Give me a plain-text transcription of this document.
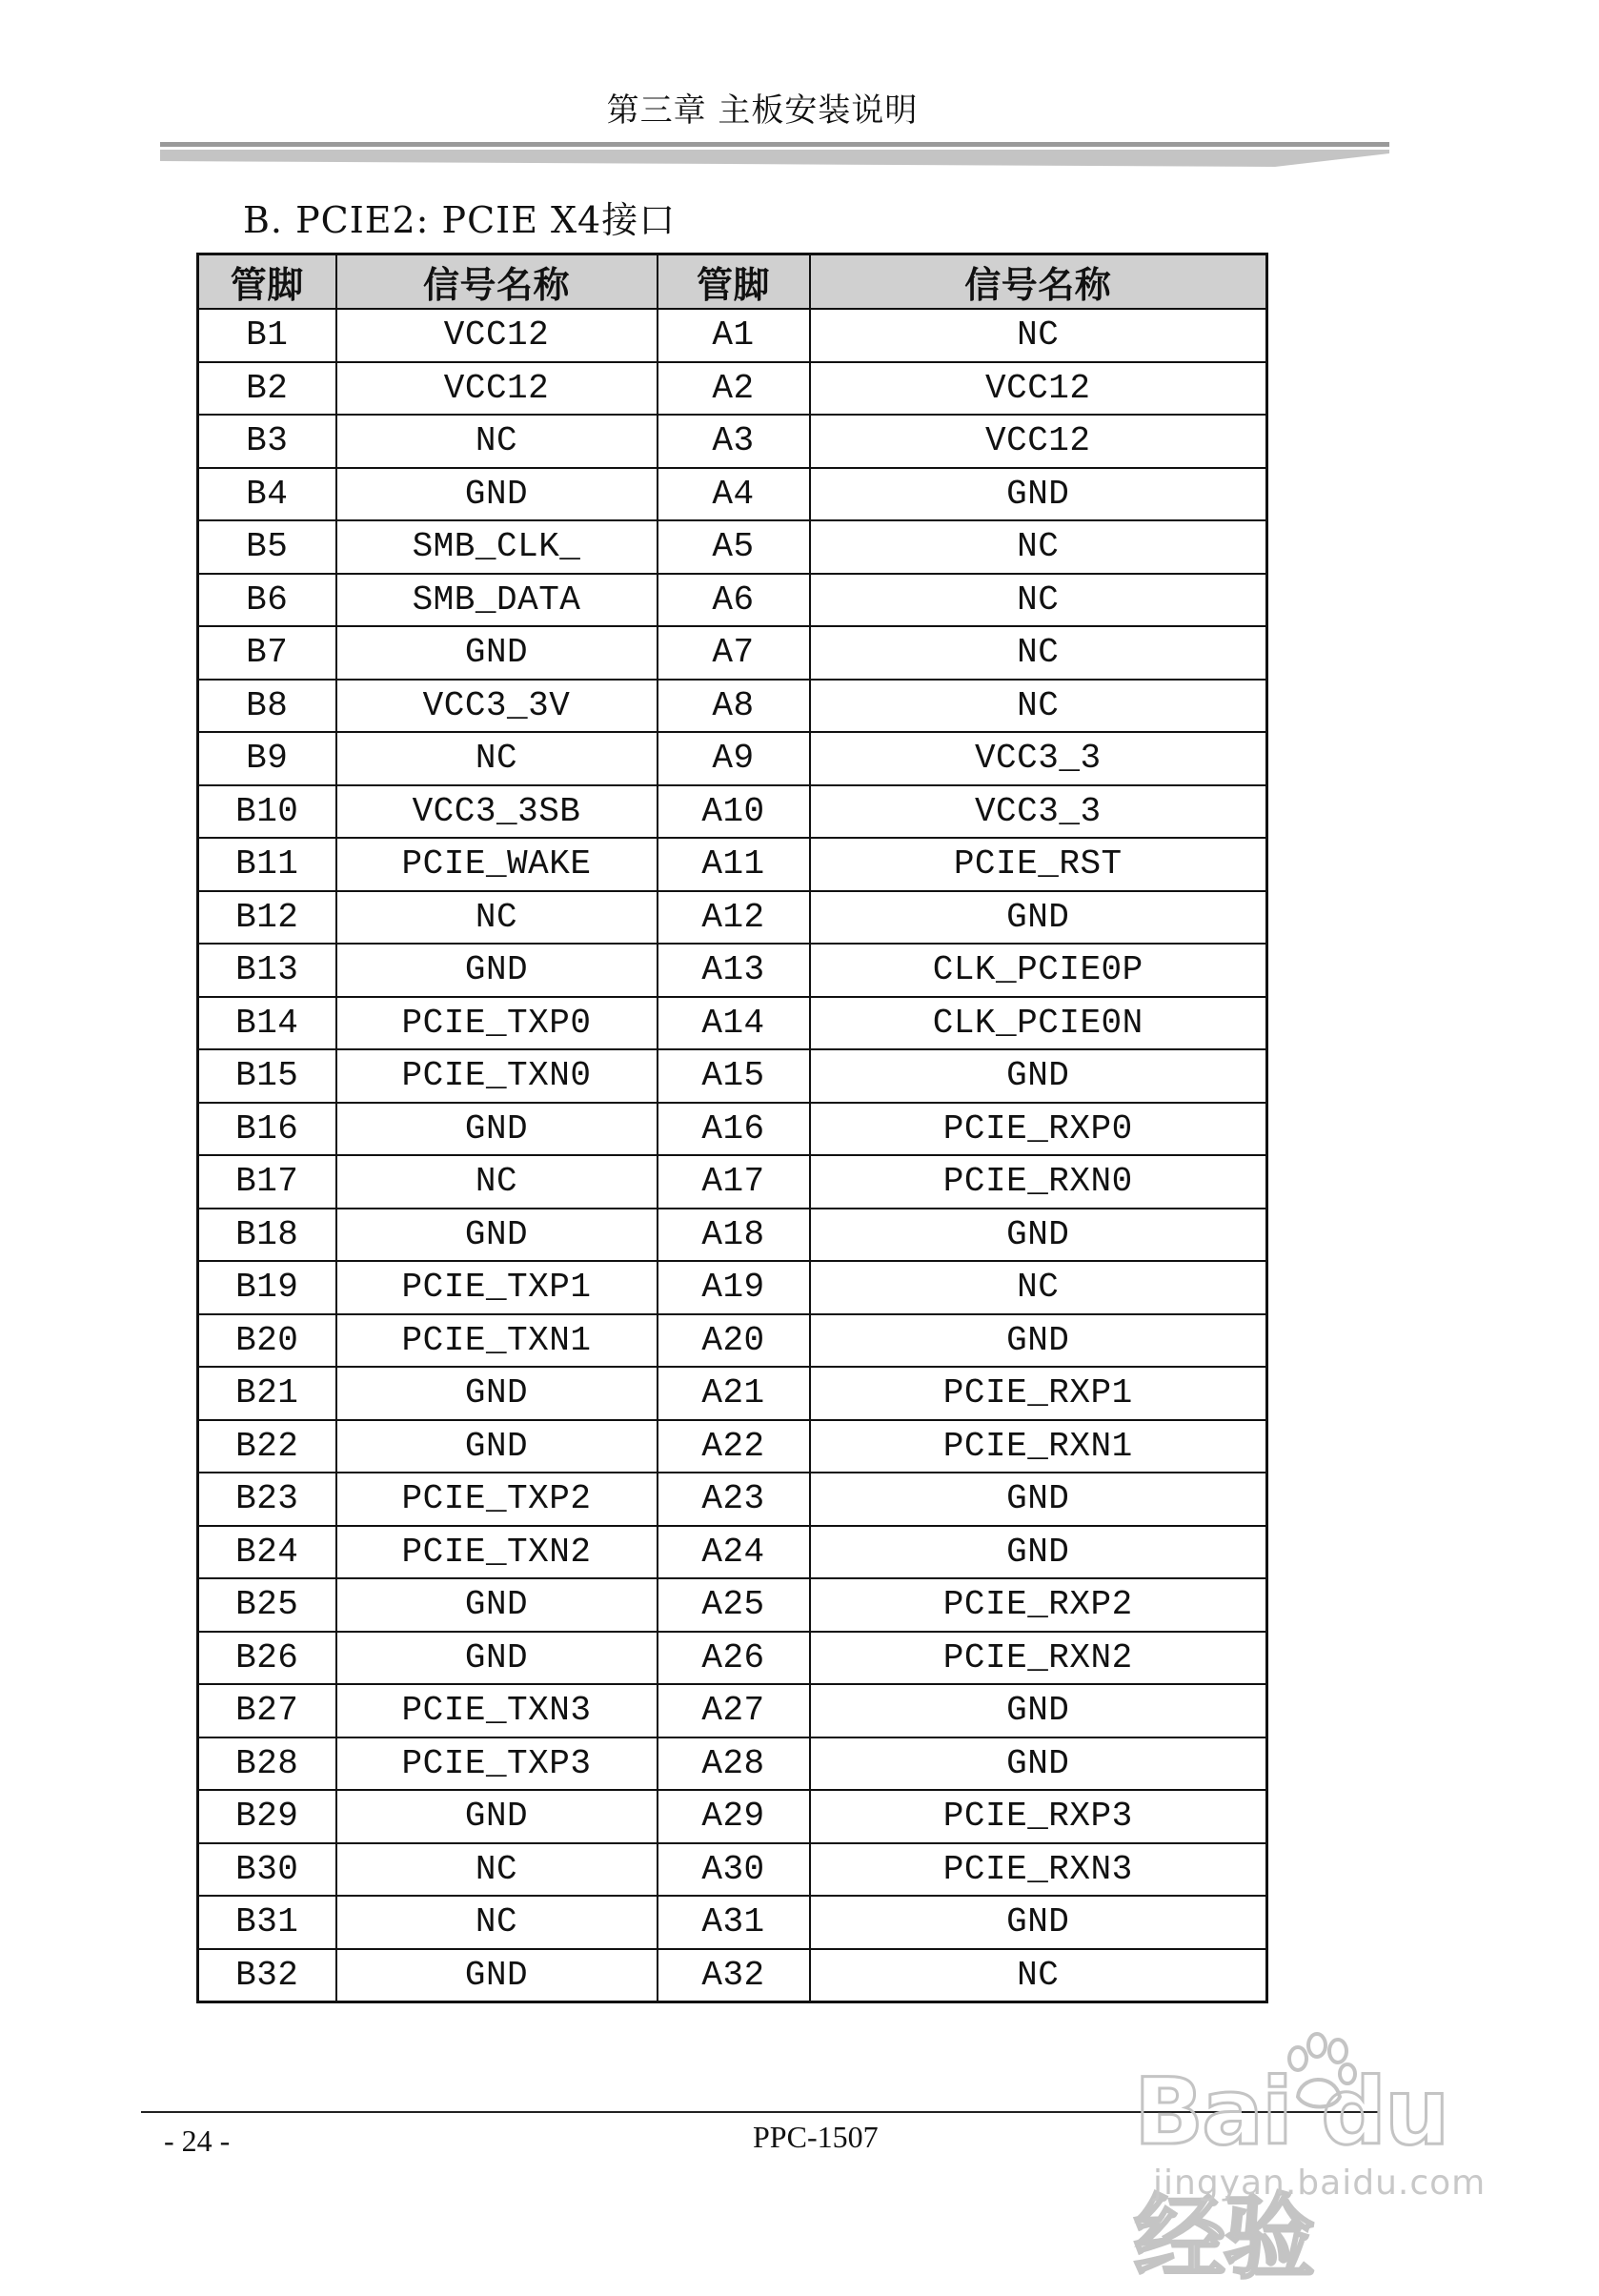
第三章 主板安装说明
B. PCIE2: PCIE X4接口
管脚	信号名称	管脚	信号名称
B1	VCC12	A1	NC
B2	VCC12	A2	VCC12
B3	NC	A3	VCC12
B4	GND	A4	GND
B5	SMB_CLK_	A5	NC
B6	SMB_DATA	A6	NC
B7	GND	A7	NC
B8	VCC3_3V	A8	NC
B9	NC	A9	VCC3_3
B10	VCC3_3SB	A10	VCC3_3
B11	PCIE_WAKE	A11	PCIE_RST
B12	NC	A12	GND
B13	GND	A13	CLK_PCIE0P
B14	PCIE_TXP0	A14	CLK_PCIE0N
B15	PCIE_TXN0	A15	GND
B16	GND	A16	PCIE_RXP0
B17	NC	A17	PCIE_RXN0
B18	GND	A18	GND
B19	PCIE_TXP1	A19	NC
B20	PCIE_TXN1	A20	GND
B21	GND	A21	PCIE_RXP1
B22	GND	A22	PCIE_RXN1
B23	PCIE_TXP2	A23	GND
B24	PCIE_TXN2	A24	GND
B25	GND	A25	PCIE_RXP2
B26	GND	A26	PCIE_RXN2
B27	PCIE_TXN3	A27	GND
B28	PCIE_TXP3	A28	GND
B29	GND	A29	PCIE_RXP3
B30	NC	A30	PCIE_RXN3
B31	NC	A31	GND
B32	GND	A32	NC
- 24 -	PPC-1507	Bai du 经验
jingyan.baidu.com
